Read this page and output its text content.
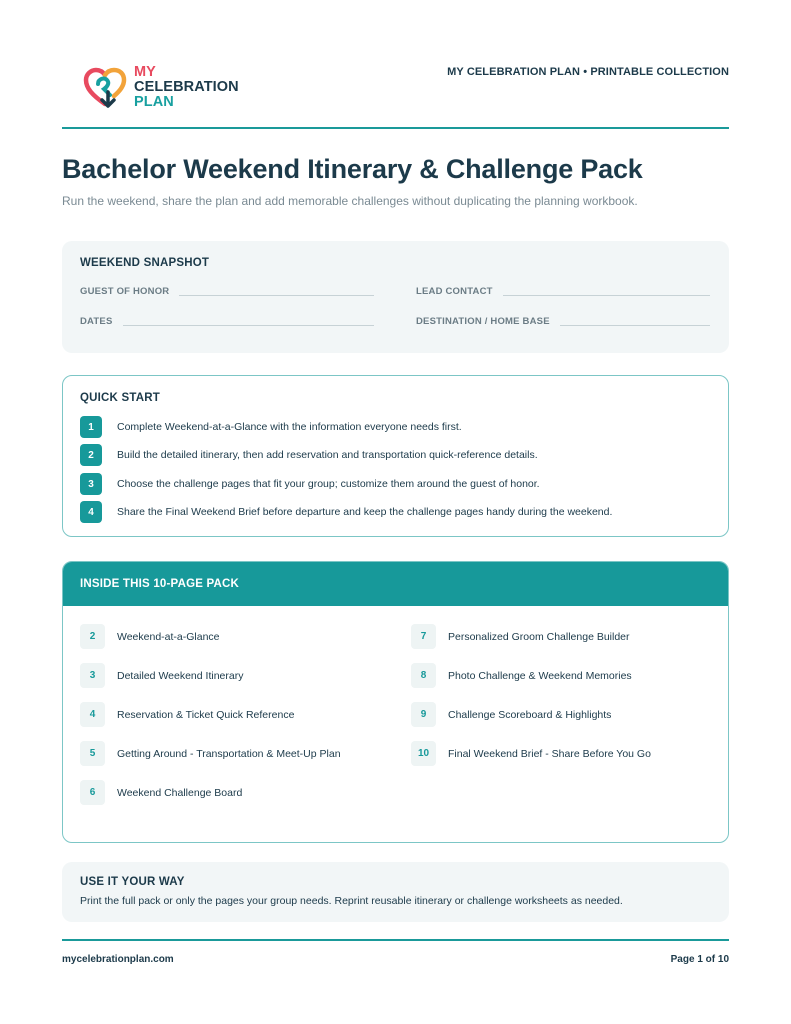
MY
CELEBRATION
PLAN
MY CELEBRATION PLAN • PRINTABLE COLLECTION
Bachelor Weekend Itinerary & Challenge Pack

Run the weekend, share the plan and add memorable challenges without duplicating the planning workbook.

WEEKEND SNAPSHOT
GUEST OF HONOR	LEAD CONTACT
DATES	DESTINATION / HOME BASE
QUICK START
1	Complete Weekend-at-a-Glance with the information everyone needs first.
2	Build the detailed itinerary, then add reservation and transportation quick-reference details.
3	Choose the challenge pages that fit your group; customize them around the guest of honor.
4	Share the Final Weekend Brief before departure and keep the challenge pages handy during the weekend.
INSIDE THIS 10-PAGE PACK
2	Weekend-at-a-Glance
3	Detailed Weekend Itinerary
4	Reservation & Ticket Quick Reference
5	Getting Around - Transportation & Meet-Up Plan
6	Weekend Challenge Board
7	Personalized Groom Challenge Builder
8	Photo Challenge & Weekend Memories
9	Challenge Scoreboard & Highlights
10	Final Weekend Brief - Share Before You Go
USE IT YOUR WAY
Print the full pack or only the pages your group needs. Reprint reusable itinerary or challenge worksheets as needed.
mycelebrationplan.com	Page 1 of 10
